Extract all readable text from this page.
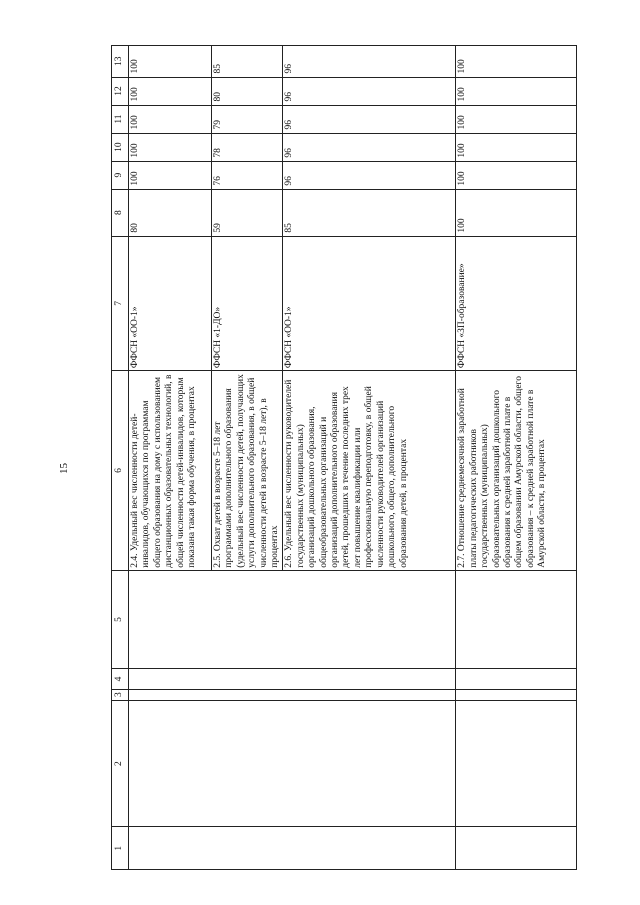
15
1	2	3	4	5	6	7	8	9	10	11	12	13
					2.4. Удельный вес численности детей-инвалидов, обучающихся по программам общего образования на дому с использованием дистанционных образовательных технологий, в общей численности детей-инвалидов, которым показана такая форма обучения, в процентах	ФФСН «ОО-1»	80	100	100	100	100	100
					2.5. Охват детей в возрасте 5–18 лет программами дополнительного образования (удельный вес численности детей, получающих услуги дополнительного образования, в общей численности детей в возрасте 5–18 лет), в процентах	ФФСН «1-ДО»	59	76	78	79	80	85
					2.6. Удельный вес численности руководителей государственных (муниципальных) организаций дошкольного образования, общеобразовательных организаций и организаций дополнительного образования детей, прошедших в течение последних трех лет повышение квалификации или профессиональную переподготовку, в общей численности руководителей организаций дошкольного, общего, дополнительного образования детей, в процентах	ФФСН «ОО-1»	85	96	96	96	96	96
					2.7. Отношение среднемесячной заработной платы педагогических работников государственных (муниципальных) образовательных организаций дошкольного образования к средней заработной плате в общем образовании Амурской области, общего образования – к средней заработной плате в Амурской области, в процентах	ФФСН «ЗП-образование»	100	100	100	100	100	100
